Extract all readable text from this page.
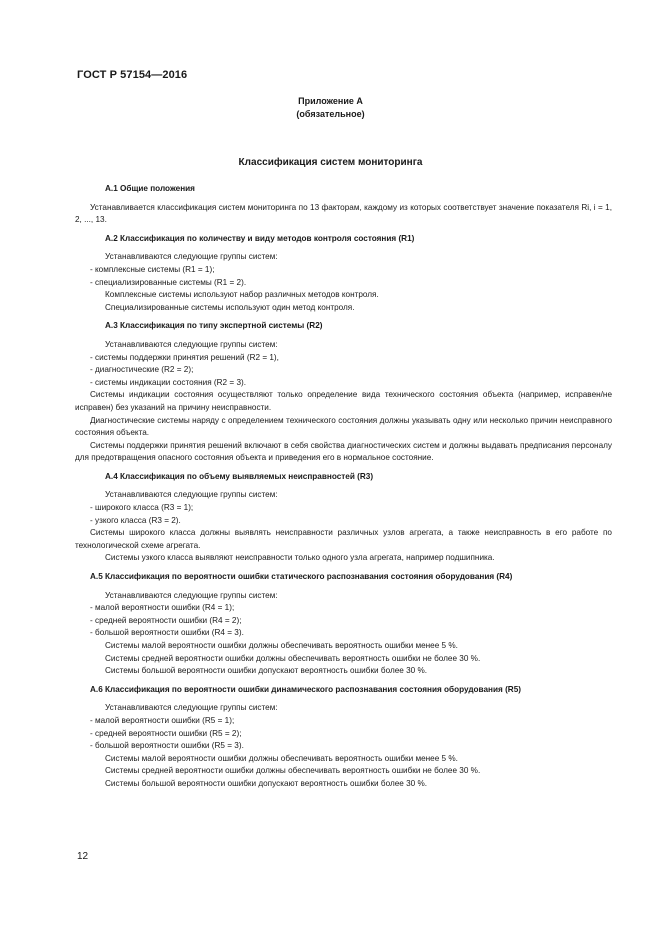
ГОСТ Р 57154—2016
Приложение А
(обязательное)
Классификация систем мониторинга
А.1 Общие положения

Устанавливается классификация систем мониторинга по 13 факторам, каждому из которых соответствует значение показателя Ri, i = 1, 2, ..., 13.

А.2 Классификация по количеству и виду методов контроля состояния (R1)

Устанавливаются следующие группы систем:

- комплексные системы (R1 = 1);

- специализированные системы (R1 = 2).

Комплексные системы используют набор различных методов контроля.

Специализированные системы используют один метод контроля.

А.3 Классификация по типу экспертной системы (R2)

Устанавливаются следующие группы систем:

- системы поддержки принятия решений (R2 = 1),

- диагностические (R2 = 2);

- системы индикации состояния (R2 = 3).

Системы индикации состояния осуществляют только определение вида технического состояния объекта (например, исправен/не исправен) без указаний на причину неисправности.

Диагностические системы наряду с определением технического состояния должны указывать одну или несколько причин неисправного состояния объекта.

Системы поддержки принятия решений включают в себя свойства диагностических систем и должны выдавать предписания персоналу для предотвращения опасного состояния объекта и приведения его в нормальное состояние.

А.4 Классификация по объему выявляемых неисправностей (R3)

Устанавливаются следующие группы систем:

- широкого класса (R3 = 1);

- узкого класса (R3 = 2).

Системы широкого класса должны выявлять неисправности различных узлов агрегата, а также неисправность в его работе по технологической схеме агрегата.

Системы узкого класса выявляют неисправности только одного узла агрегата, например подшипника.

А.5 Классификация по вероятности ошибки статического распознавания состояния оборудования (R4)

Устанавливаются следующие группы систем:

- малой вероятности ошибки (R4 = 1);

- средней вероятности ошибки (R4 = 2);

- большой вероятности ошибки (R4 = 3).

Системы малой вероятности ошибки должны обеспечивать вероятность ошибки менее 5 %.

Системы средней вероятности ошибки должны обеспечивать вероятность ошибки не более 30 %.

Системы большой вероятности ошибки допускают вероятность ошибки более 30 %.

А.6 Классификация по вероятности ошибки динамического распознавания состояния оборудования (R5)

Устанавливаются следующие группы систем:

- малой вероятности ошибки (R5 = 1);

- средней вероятности ошибки (R5 = 2);

- большой вероятности ошибки (R5 = 3).

Системы малой вероятности ошибки должны обеспечивать вероятность ошибки менее 5 %.

Системы средней вероятности ошибки должны обеспечивать вероятность ошибки не более 30 %.

Системы большой вероятности ошибки допускают вероятность ошибки более 30 %.

12
